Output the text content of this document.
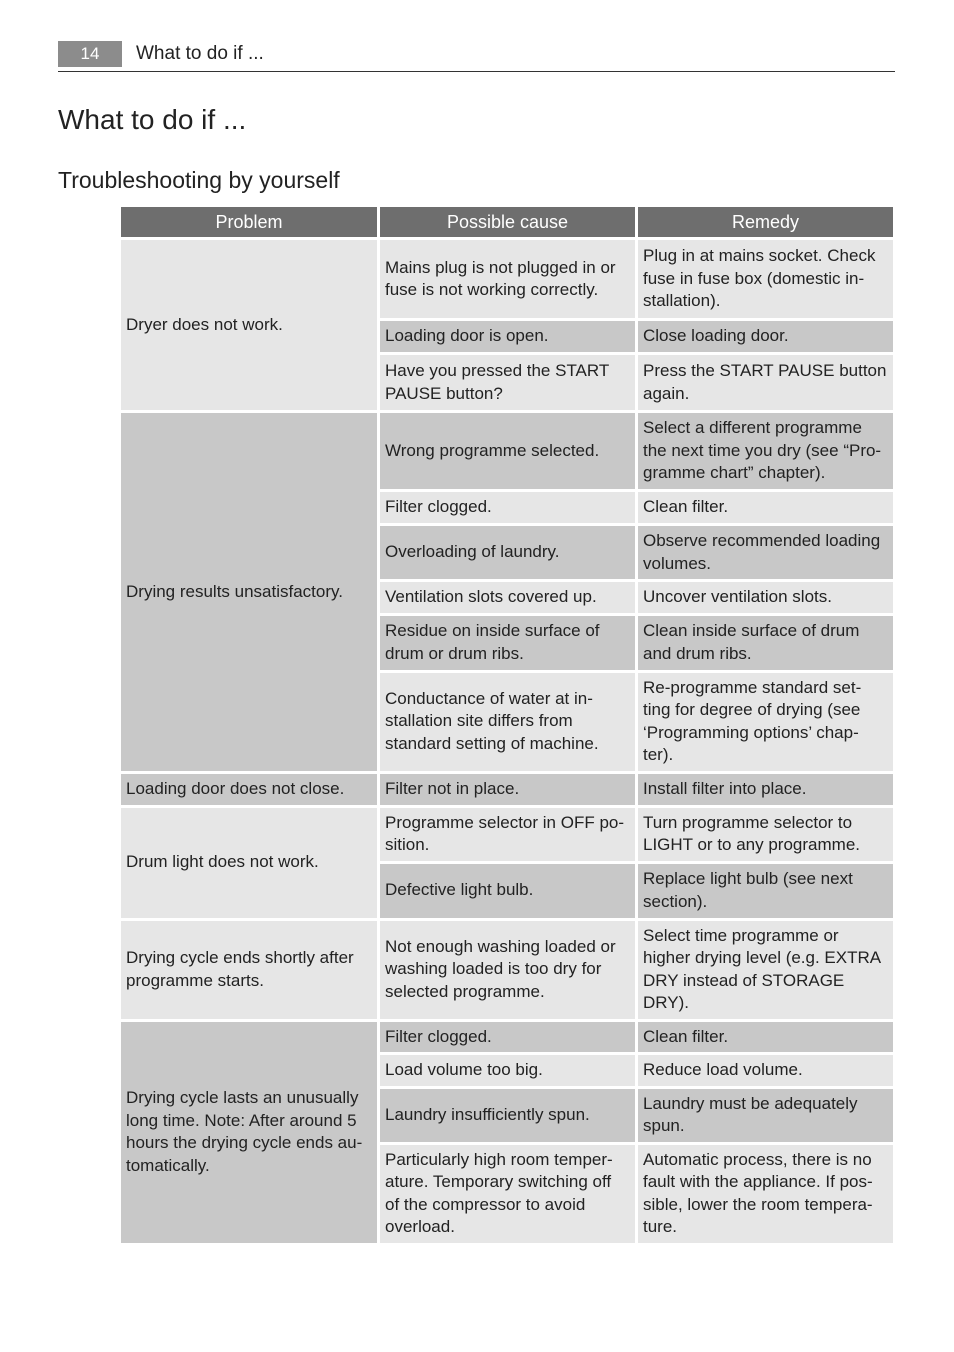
14	What to do if ...
What to do if ...
Troubleshooting by yourself
Problem	Possible cause	Remedy
Dryer does not work.	Mains plug is not plugged in or fuse is not working correctly.	Plug in at mains socket. Check fuse in fuse box (domestic in-stallation).
	Loading door is open.	Close loading door.
	Have you pressed the START PAUSE button?	Press the START PAUSE button again.
Drying results unsatisfactory.	Wrong programme selected.	Select a different programme the next time you dry (see “Pro-gramme chart” chapter).
	Filter clogged.	Clean filter.
	Overloading of laundry.	Observe recommended loading volumes.
	Ventilation slots covered up.	Uncover ventilation slots.
	Residue on inside surface of drum or drum ribs.	Clean inside surface of drum and drum ribs.
	Conductance of water at in-stallation site differs from standard setting of machine.	Re-programme standard set-ting for degree of drying (see ‘Programming options’ chap-ter).
Loading door does not close.	Filter not in place.	Install filter into place.
Drum light does not work.	Programme selector in OFF po-sition.	Turn programme selector to LIGHT or to any programme.
	Defective light bulb.	Replace light bulb (see next section).
Drying cycle ends shortly after programme starts.	Not enough washing loaded or washing loaded is too dry for selected programme.	Select time programme or higher drying level (e.g. EXTRA DRY instead of STORAGE DRY).
Drying cycle lasts an unusually long time. Note: After around 5 hours the drying cycle ends au-tomatically.	Filter clogged.	Clean filter.
	Load volume too big.	Reduce load volume.
	Laundry insufficiently spun.	Laundry must be adequately spun.
	Particularly high room temper-ature. Temporary switching off of the compressor to avoid overload.	Automatic process, there is no fault with the appliance. If pos-sible, lower the room tempera-ture.
